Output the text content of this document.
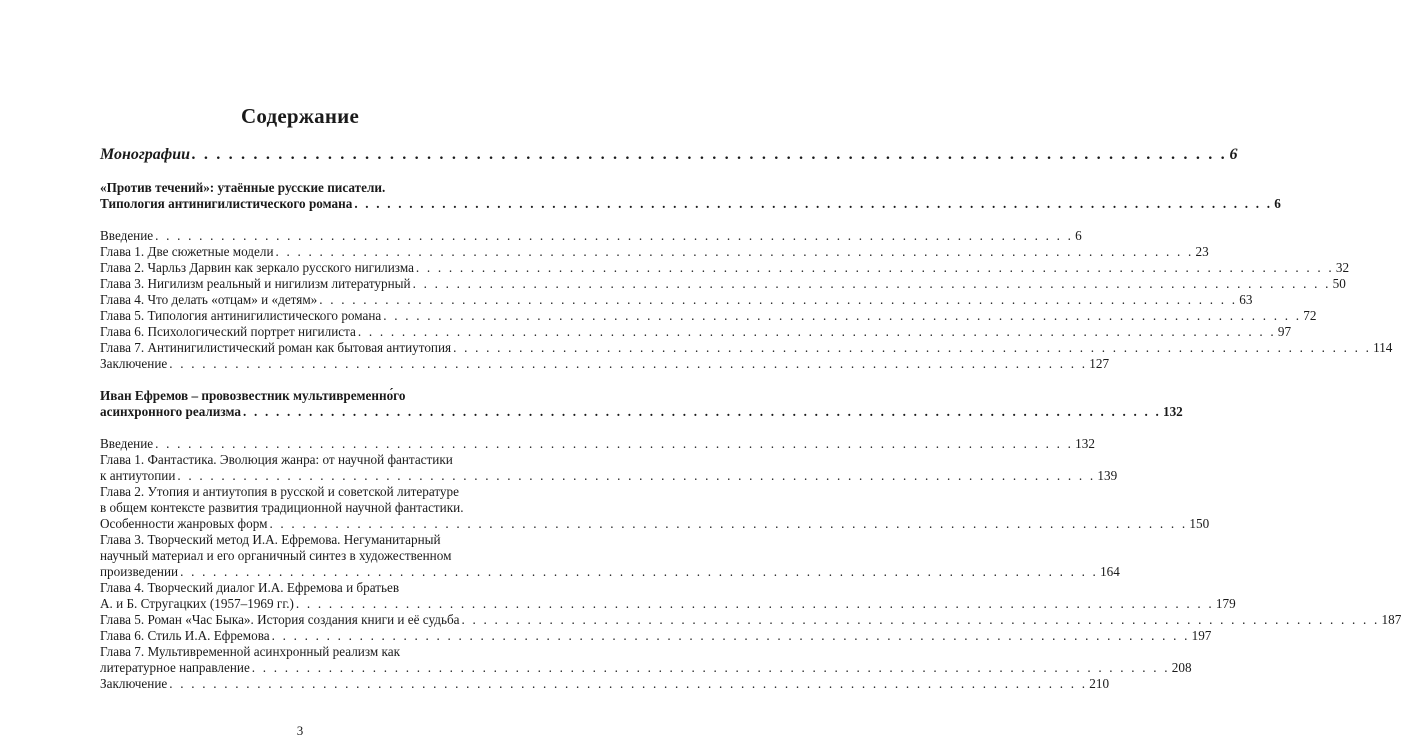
Содержание
Монографии . . .	6
«Против течений»: утаённые русские писатели.
Типология антинигилистического романа . . .	6
Введение . . .	6
Глава 1. Две сюжетные модели . . .	23
Глава 2. Чарльз Дарвин как зеркало русского нигилизма . . .	32
Глава 3. Нигилизм реальный и нигилизм литературный . . .	50
Глава 4. Что делать «отцам» и «детям» . . .	63
Глава 5. Типология антинигилистического романа . . .	72
Глава 6. Психологический портрет нигилиста . . .	97
Глава 7. Антинигилистический роман как бытовая антиутопия . . .	114
Заключение . . .	127
Иван Ефремов – провозвестник мультивременно́го
асинхронного реализма . . .	132
Введение . . .	132
Глава 1. Фантастика. Эволюция жанра: от научной фантастики
к антиутопии . . .	139
Глава 2. Утопия и антиутопия в русской и советской литературе
в общем контексте развития традиционной научной фантастики.
Особенности жанровых форм . . .	150
Глава 3. Творческий метод И.А. Ефремова. Негуманитарный
научный материал и его органичный синтез в художественном
произведении . . .	164
Глава 4. Творческий диалог И.А. Ефремова и братьев
А. и Б. Стругацких (1957–1969 гг.) . . .	179
Глава 5. Роман «Час Быка». История создания книги и её судьба . . .	187
Глава 6. Стиль И.А. Ефремова . . .	197
Глава 7. Мультивременной асинхронный реализм как
литературное направление . . .	208
Заключение . . .	210
3
